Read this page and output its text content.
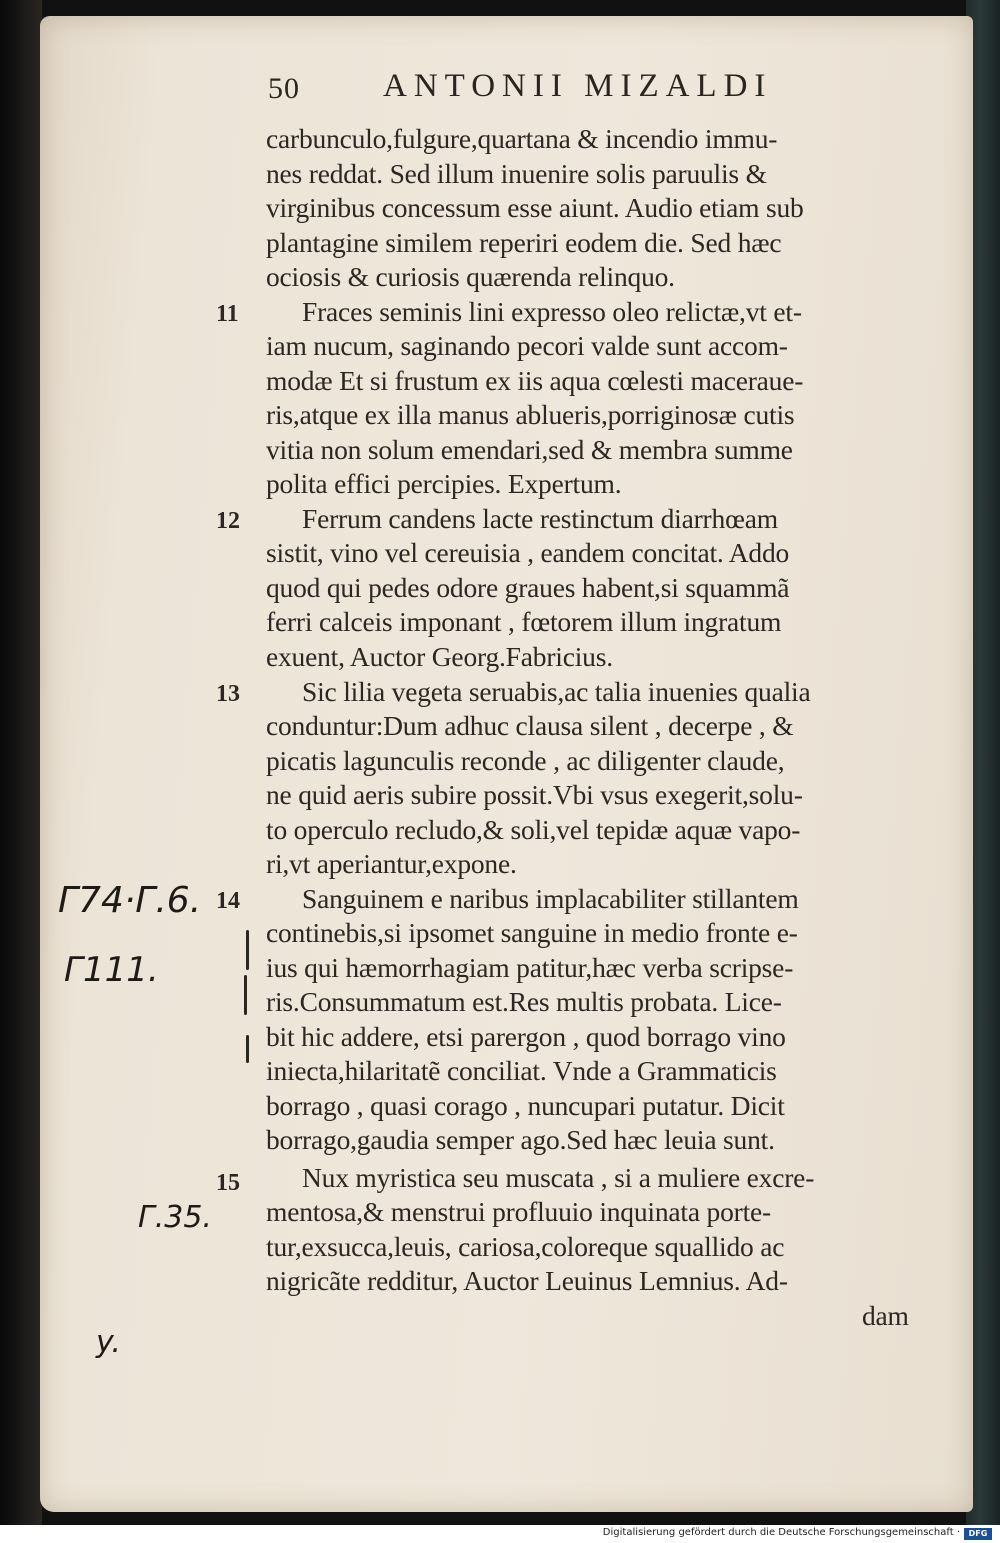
50	ANTONII MIZALDI
carbunculo,fulgure,quartana & incendio immu-
nes reddat. Sed illum inuenire solis paruulis &
virginibus concessum esse aiunt. Audio etiam sub
plantagine similem reperiri eodem die. Sed hæc
ociosis & curiosis quærenda relinquo.
11	Fraces seminis lini expresso oleo relictæ,vt et-
iam nucum, saginando pecori valde sunt accom-
modæ Et si frustum ex iis aqua cœlesti maceraue-
ris,atque ex illa manus ablueris,porriginosæ cutis
vitia non solum emendari,sed & membra summe
polita effici percipies. Expertum.
12	Ferrum candens lacte restinctum diarrhœam
sistit, vino vel cereuisia , eandem concitat. Addo
quod qui pedes odore graues habent,si squammã
ferri calceis imponant , fœtorem illum ingratum
exuent, Auctor Georg.Fabricius.
13	Sic lilia vegeta seruabis,ac talia inuenies qualia
conduntur:Dum adhuc clausa silent , decerpe , &
picatis lagunculis reconde , ac diligenter claude,
ne quid aeris subire possit.Vbi vsus exegerit,solu-
to operculo recludo,& soli,vel tepidæ aquæ vapo-
ri,vt aperiantur,expone.
14	Sanguinem e naribus implacabiliter stillantem
continebis,si ipsomet sanguine in medio fronte e-
ius qui hæmorrhagiam patitur,hæc verba scripse-
ris.Consummatum est.Res multis probata. Lice-
bit hic addere, etsi parergon , quod borrago vino
iniecta,hilaritatẽ conciliat. Vnde a Grammaticis
borrago , quasi corago , nuncupari putatur. Dicit
borrago,gaudia semper ago.Sed hæc leuia sunt.
15	Nux myristica seu muscata , si a muliere excre-
mentosa,& menstrui profluuio inquinata porte-
tur,exsucca,leuis, cariosa,coloreque squallido ac
nigricãte redditur, Auctor Leuinus Lemnius. Ad-
dam
Γ74·Γ.6.
Γ111.
Γ.35.
y.
Digitalisierung gefördert durch die Deutsche Forschungsgemeinschaft ·	DFG
